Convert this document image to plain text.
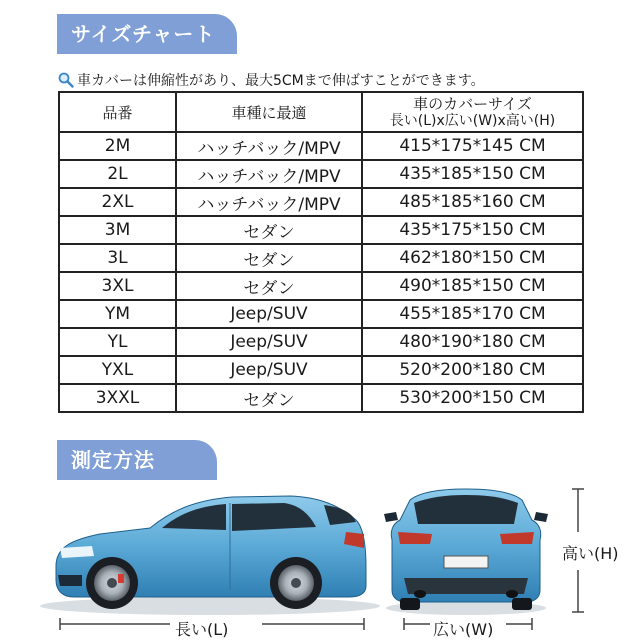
サイズチャート
車カバーは伸縮性があり、最大5CMまで伸ばすことができます。
品番	車種に最適	車のカバーサイズ
長い(L)x広い(W)x高い(H)

2M	ハッチバック/MPV	415*175*145 CM
2L	ハッチバック/MPV	435*185*150 CM
2XL	ハッチバック/MPV	485*185*160 CM
3M	セダン	435*175*150 CM
3L	セダン	462*180*150 CM
3XL	セダン	490*185*150 CM
YM	Jeep/SUV	455*185*170 CM
YL	Jeep/SUV	480*190*180 CM
YXL	Jeep/SUV	520*200*180 CM
3XXL	セダン	530*200*150 CM
測定方法
長い(L)	広い(W)
高い(H)
